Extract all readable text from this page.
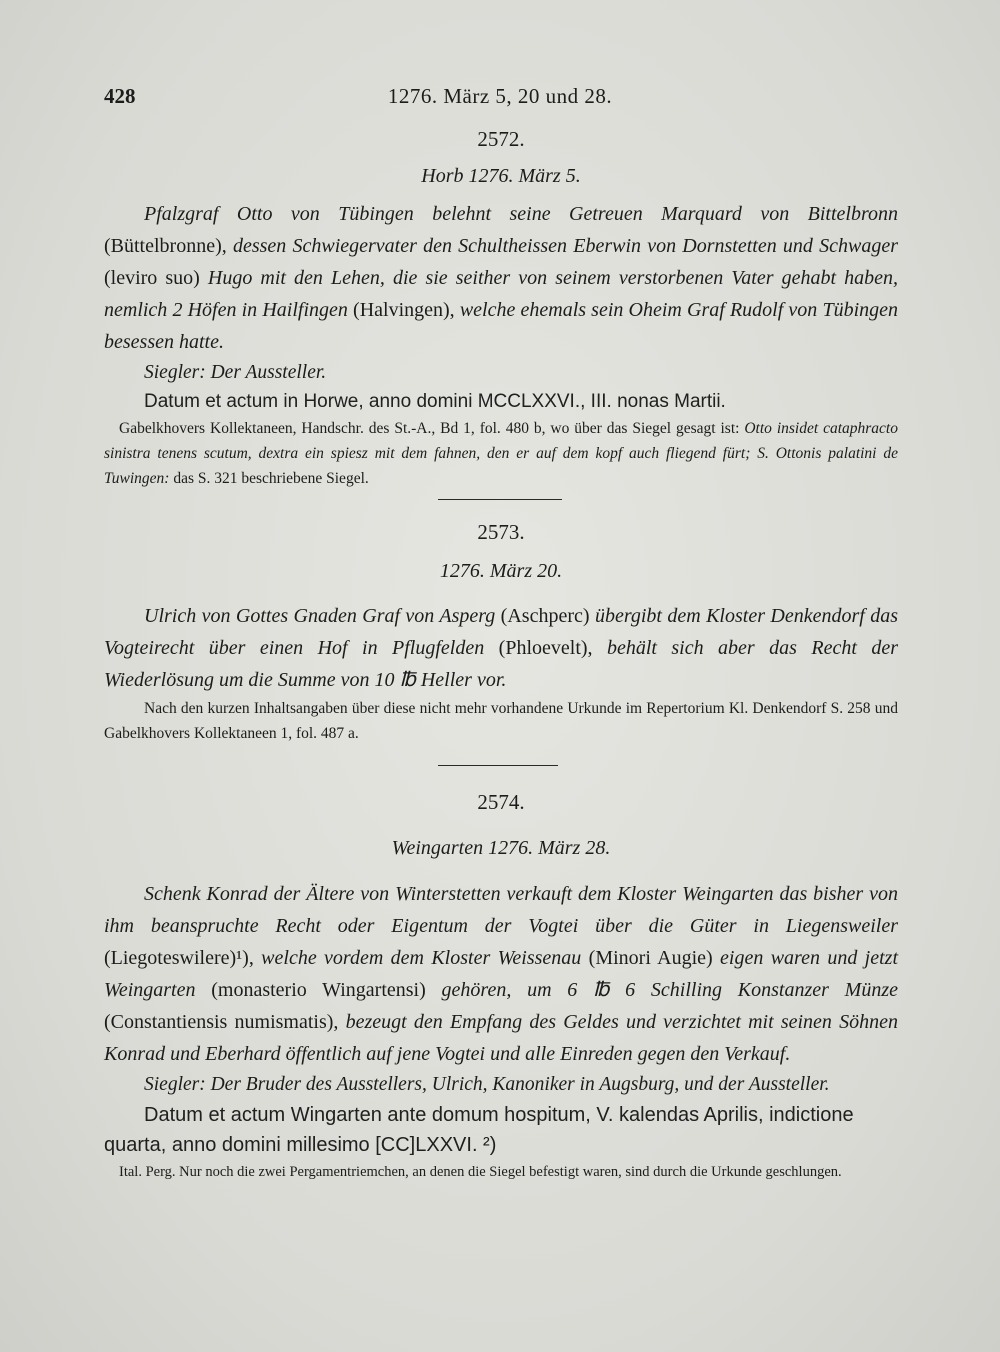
428	1276. März 5, 20 und 28.
2572.
Horb 1276. März 5.

Pfalzgraf Otto von Tübingen belehnt seine Getreuen Marquard von Bittelbronn (Büttelbronne), dessen Schwiegervater den Schultheissen Eberwin von Dornstetten und Schwager (leviro suo) Hugo mit den Lehen, die sie seither von seinem verstorbenen Vater gehabt haben, nemlich 2 Höfen in Hailfingen (Halvingen), welche ehemals sein Oheim Graf Rudolf von Tübingen besessen hatte.

Siegler: Der Aussteller.

Datum et actum in Horwe, anno domini MCCLXXVI., III. nonas Martii.

Gabelkhovers Kollektaneen, Handschr. des St.-A., Bd 1, fol. 480 b, wo über das Siegel gesagt ist: Otto insidet cataphracto sinistra tenens scutum, dextra ein spiesz mit dem fahnen, den er auf dem kopf auch fliegend fürt; S. Ottonis palatini de Tuwingen: das S. 321 beschriebene Siegel.

2573.
1276. März 20.

Ulrich von Gottes Gnaden Graf von Asperg (Aschperc) übergibt dem Kloster Denkendorf das Vogteirecht über einen Hof in Pflugfelden (Phloevelt), behält sich aber das Recht der Wiederlösung um die Summe von 10 ℔ Heller vor.

Nach den kurzen Inhaltsangaben über diese nicht mehr vorhandene Urkunde im Repertorium Kl. Denkendorf S. 258 und Gabelkhovers Kollektaneen 1, fol. 487 a.

2574.
Weingarten 1276. März 28.

Schenk Konrad der Ältere von Winterstetten verkauft dem Kloster Weingarten das bisher von ihm beanspruchte Recht oder Eigentum der Vogtei über die Güter in Liegensweiler (Liegoteswilere)¹), welche vordem dem Kloster Weissenau (Minori Augie) eigen waren und jetzt Weingarten (monasterio Wingartensi) gehören, um 6 ℔ 6 Schilling Konstanzer Münze (Constantiensis numismatis), bezeugt den Empfang des Geldes und verzichtet mit seinen Söhnen Konrad und Eberhard öffentlich auf jene Vogtei und alle Einreden gegen den Verkauf.

Siegler: Der Bruder des Ausstellers, Ulrich, Kanoniker in Augsburg, und der Aussteller.

Datum et actum Wingarten ante domum hospitum, V. kalendas Aprilis, indictione quarta, anno domini millesimo [CC]LXXVI. ²)

Ital. Perg. Nur noch die zwei Pergamentriemchen, an denen die Siegel befestigt waren, sind durch die Urkunde geschlungen.
